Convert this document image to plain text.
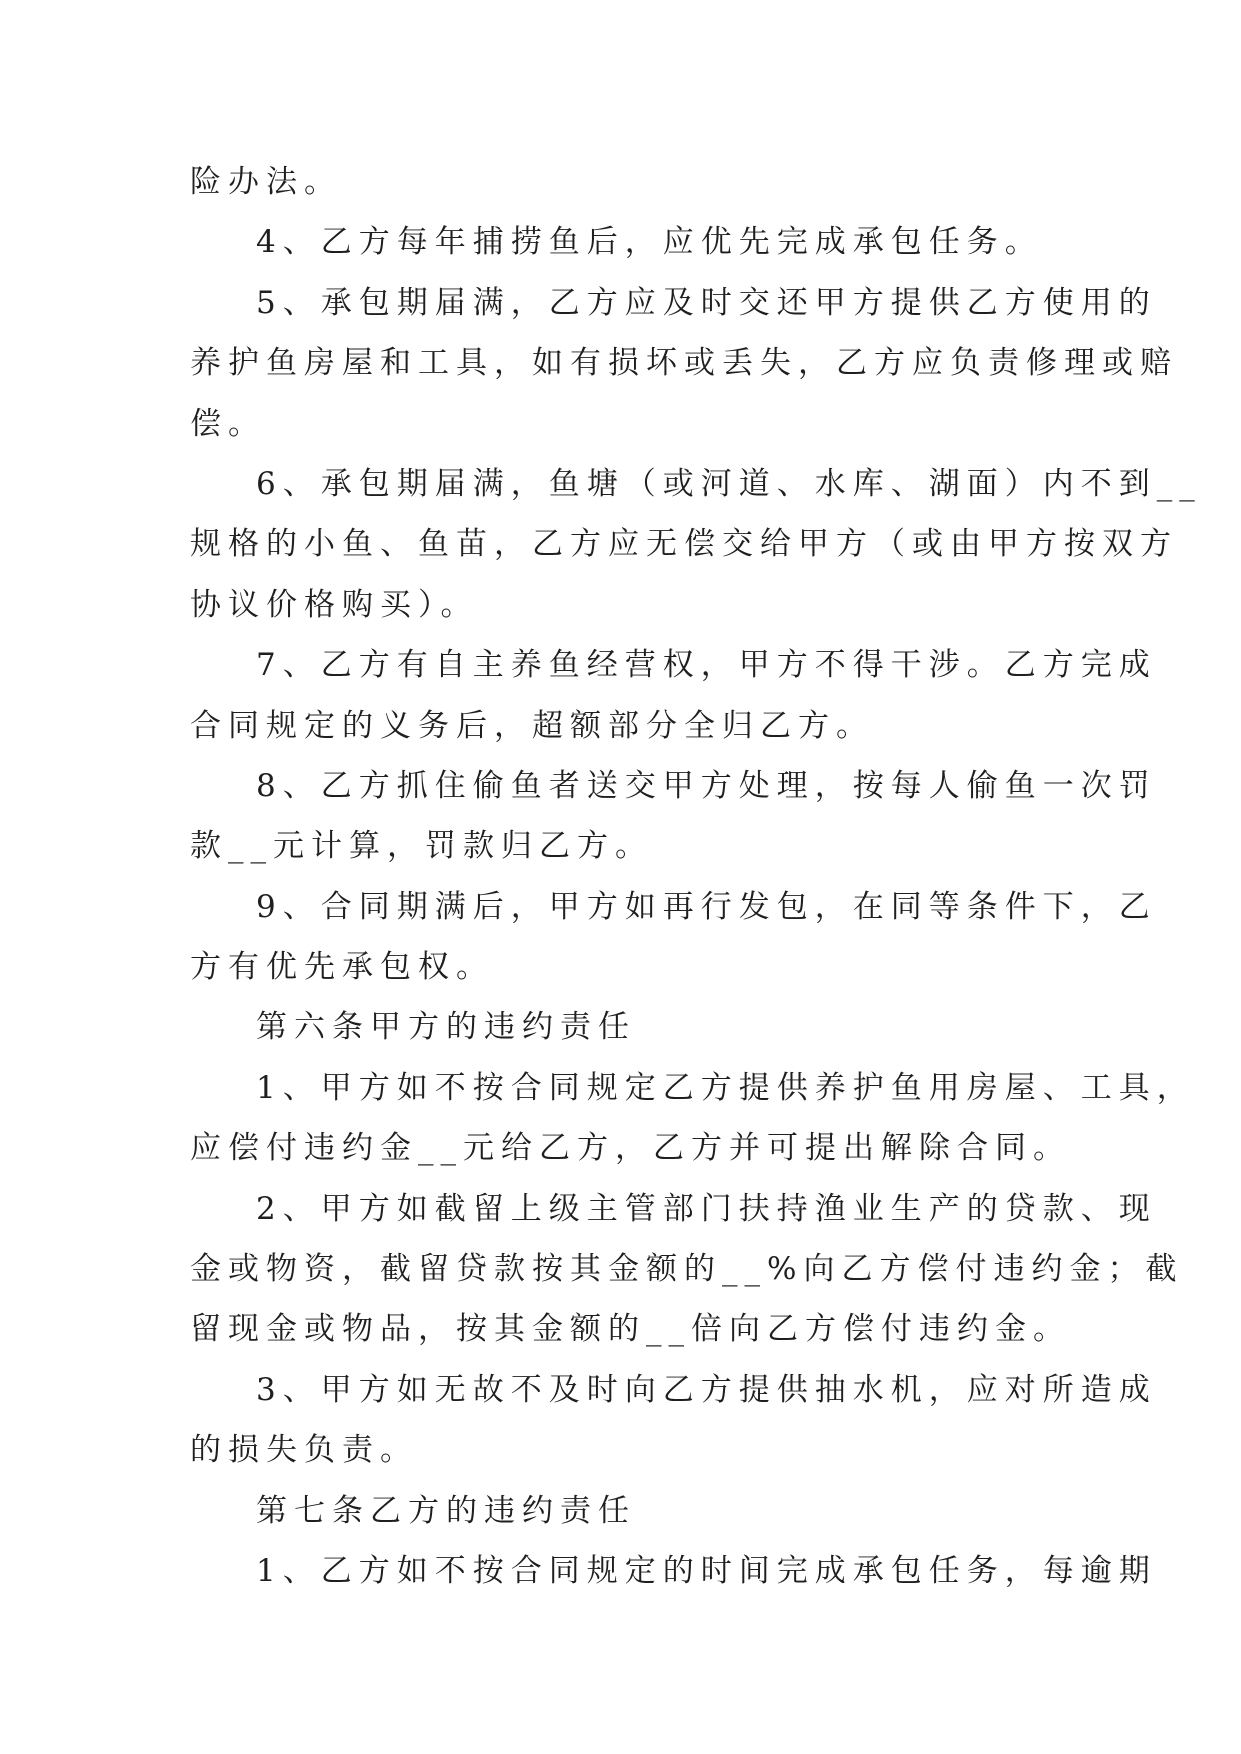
险办法。
4、乙方每年捕捞鱼后，应优先完成承包任务。
5、承包期届满，乙方应及时交还甲方提供乙方使用的
养护鱼房屋和工具，如有损坏或丢失，乙方应负责修理或赔
偿。
6、承包期届满，鱼塘（或河道、水库、湖面）内不到__
规格的小鱼、鱼苗，乙方应无偿交给甲方（或由甲方按双方
协议价格购买）。
7、乙方有自主养鱼经营权，甲方不得干涉。乙方完成
合同规定的义务后，超额部分全归乙方。
8、乙方抓住偷鱼者送交甲方处理，按每人偷鱼一次罚
款__元计算，罚款归乙方。
9、合同期满后，甲方如再行发包，在同等条件下，乙
方有优先承包权。
第六条甲方的违约责任
1、甲方如不按合同规定乙方提供养护鱼用房屋、工具，
应偿付违约金__元给乙方，乙方并可提出解除合同。
2、甲方如截留上级主管部门扶持渔业生产的贷款、现
金或物资，截留贷款按其金额的__%向乙方偿付违约金；截
留现金或物品，按其金额的__倍向乙方偿付违约金。
3、甲方如无故不及时向乙方提供抽水机，应对所造成
的损失负责。
第七条乙方的违约责任
1、乙方如不按合同规定的时间完成承包任务，每逾期
